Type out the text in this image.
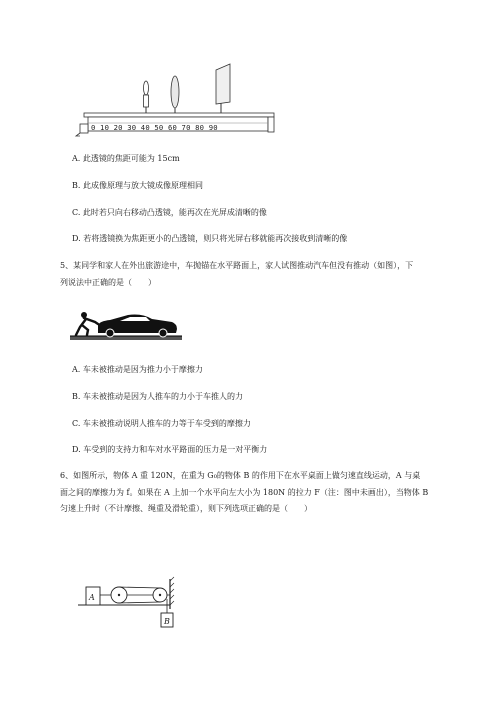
0 10 20 30 40 50 60 70 80 90
A. 此透镜的焦距可能为 15cm
B. 此成像原理与放大镜成像原理相同
C. 此时若只向右移动凸透镜，能再次在光屏成清晰的像
D. 若将透镜换为焦距更小的凸透镜，则只将光屏右移就能再次接收到清晰的像
5、某同学和家人在外出旅游途中，车抛锚在水平路面上，家人试图推动汽车但没有推动（如图），下
列说法中正确的是（　　）
A. 车未被推动是因为推力小于摩擦力
B. 车未被推动是因为人推车的力小于车推人的力
C. 车未被推动说明人推车的力等于车受到的摩擦力
D. 车受到的支持力和车对水平路面的压力是一对平衡力
6、如图所示，物体 A 重 120N，在重为 G₀的物体 B 的作用下在水平桌面上做匀速直线运动，A 与桌
面之间的摩擦力为 f。如果在 A 上加一个水平向左大小为 180N 的拉力 F（注：图中未画出），当物体 B
匀速上升时（不计摩擦、绳重及滑轮重），则下列选项正确的是（　　）
A
B
